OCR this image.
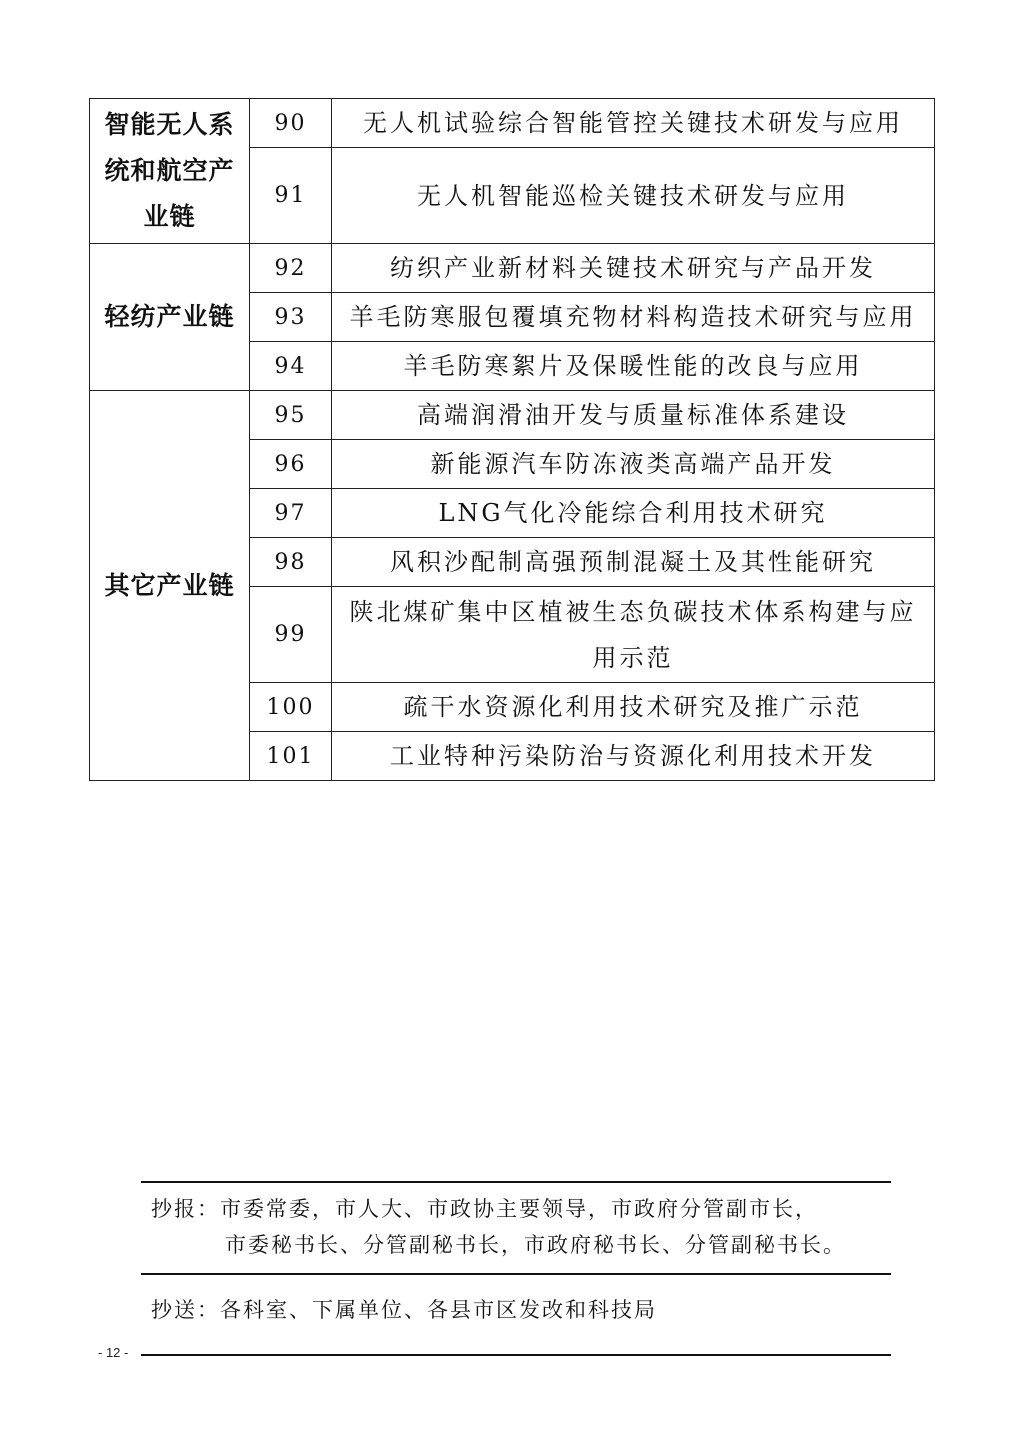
智能无人系统和航空产业链	90	无人机试验综合智能管控关键技术研发与应用
	91	无人机智能巡检关键技术研发与应用
轻纺产业链	92	纺织产业新材料关键技术研究与产品开发
	93	羊毛防寒服包覆填充物材料构造技术研究与应用
	94	羊毛防寒絮片及保暖性能的改良与应用
其它产业链	95	高端润滑油开发与质量标准体系建设
	96	新能源汽车防冻液类高端产品开发
	97	LNG气化冷能综合利用技术研究
	98	风积沙配制高强预制混凝土及其性能研究
	99	陕北煤矿集中区植被生态负碳技术体系构建与应用示范
	100	疏干水资源化利用技术研究及推广示范
	101	工业特种污染防治与资源化利用技术开发
抄报：市委常委，市人大、市政协主要领导，市政府分管副市长，
市委秘书长、分管副秘书长，市政府秘书长、分管副秘书长。
抄送：各科室、下属单位、各县市区发改和科技局
- 12 -
